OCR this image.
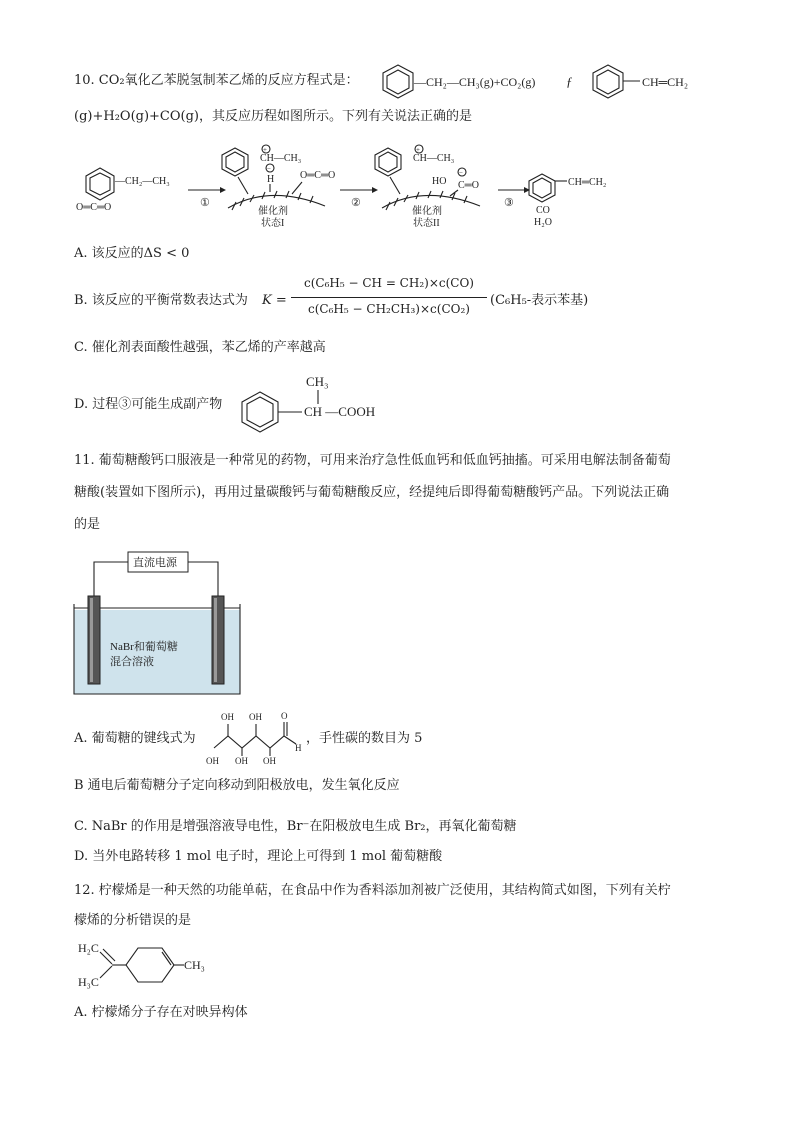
10. CO₂氧化乙苯脱氢制苯乙烯的反应方程式是：	—CH₂—CH₃(g)+CO₂(g) ƒ	CH═CH₂
(g)+H₂O(g)+CO(g)，其反应历程如图所示。下列有关说法正确的是
—CH₂—CH₃
O═C═O	①
+
CH—CH₃
−
H	O═C═O
催化剂
状态I
②
+
CH—CH₃
−
HO C═O
催化剂
状态II
③
CH═CH₂
CO
H₂O
A. 该反应的ΔS < 0
B. 该反应的平衡常数表达式为 K =
c(C₆H₅ − CH = CH₂)×c(CO)
c(C₆H₅ − CH₂CH₃)×c(CO₂)
(C₆H₅-表示苯基)
C. 催化剂表面酸性越强，苯乙烯的产率越高
D. 过程③可能生成副产物
CH₃
CH —COOH
11. 葡萄糖酸钙口服液是一种常见的药物，可用来治疗急性低血钙和低血钙抽搐。可采用电解法制备葡萄
糖酸(装置如下图所示)，再用过量碳酸钙与葡萄糖酸反应，经提纯后即得葡萄糖酸钙产品。下列说法正确
的是
直流电源
NaBr和葡萄糖
混合溶液
A. 葡萄糖的键线式为
OH OH
OH OH OH
O
H
，手性碳的数目为 5
B 通电后葡萄糖分子定向移动到阳极放电，发生氧化反应
C. NaBr 的作用是增强溶液导电性，Br⁻在阳极放电生成 Br₂，再氧化葡萄糖
D. 当外电路转移 1 mol 电子时，理论上可得到 1 mol 葡萄糖酸
12. 柠檬烯是一种天然的功能单萜，在食品中作为香料添加剂被广泛使用，其结构简式如图，下列有关柠
檬烯的分析错误的是
H₂C
H₃C
CH₃
A. 柠檬烯分子存在对映异构体
